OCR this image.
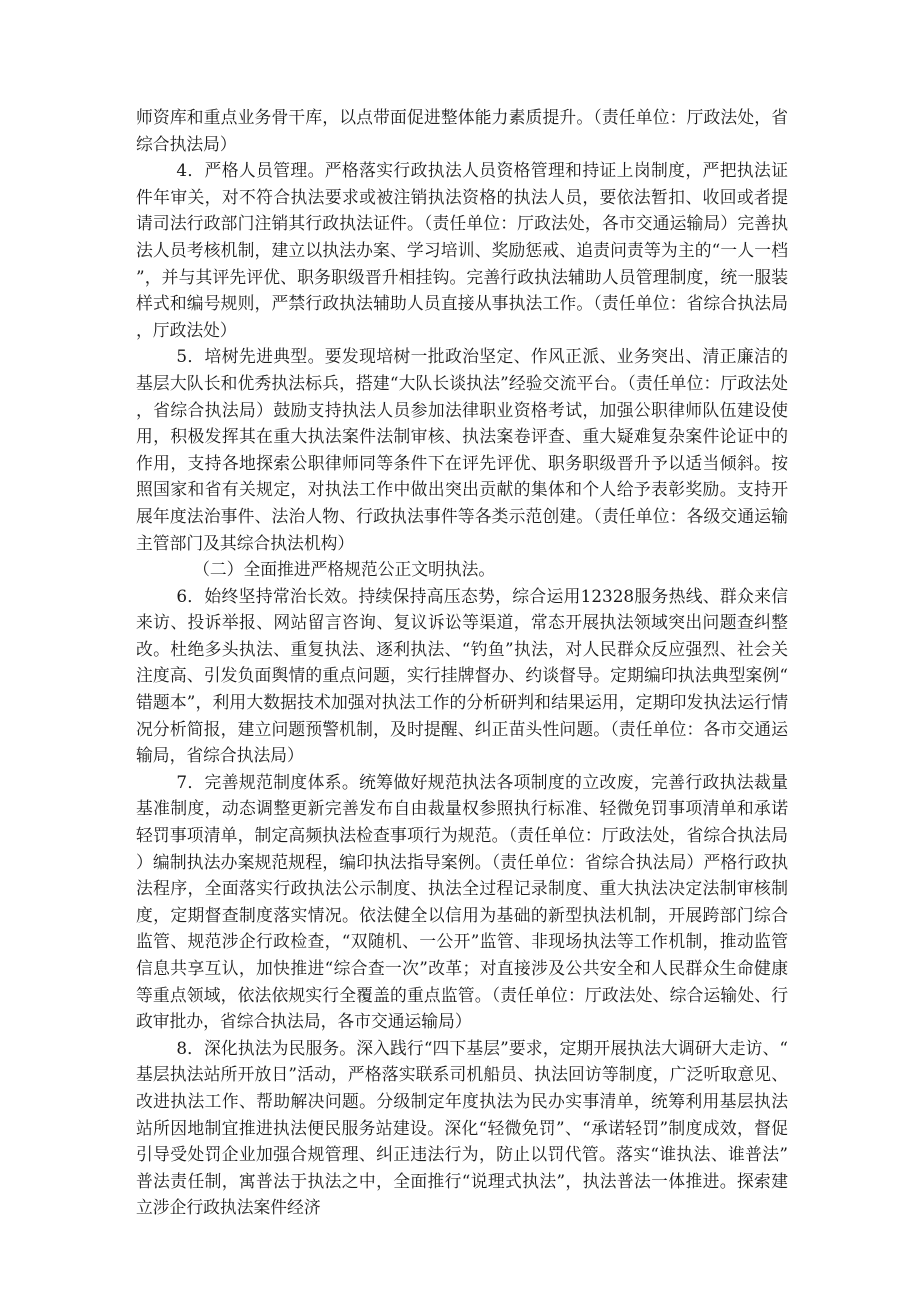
师资库和重点业务骨干库，以点带面促进整体能力素质提升。（责任单位：厅政法处，省综合执法局）

4．严格人员管理。严格落实行政执法人员资格管理和持证上岗制度，严把执法证件年审关，对不符合执法要求或被注销执法资格的执法人员，要依法暂扣、收回或者提请司法行政部门注销其行政执法证件。（责任单位：厅政法处，各市交通运输局）完善执法人员考核机制，建立以执法办案、学习培训、奖励惩戒、追责问责等为主的“一人一档”，并与其评先评优、职务职级晋升相挂钩。完善行政执法辅助人员管理制度，统一服装样式和编号规则，严禁行政执法辅助人员直接从事执法工作。（责任单位：省综合执法局，厅政法处）

5．培树先进典型。要发现培树一批政治坚定、作风正派、业务突出、清正廉洁的基层大队长和优秀执法标兵，搭建“大队长谈执法”经验交流平台。（责任单位：厅政法处，省综合执法局）鼓励支持执法人员参加法律职业资格考试，加强公职律师队伍建设使用，积极发挥其在重大执法案件法制审核、执法案卷评查、重大疑难复杂案件论证中的作用，支持各地探索公职律师同等条件下在评先评优、职务职级晋升予以适当倾斜。按照国家和省有关规定，对执法工作中做出突出贡献的集体和个人给予表彰奖励。支持开展年度法治事件、法治人物、行政执法事件等各类示范创建。（责任单位：各级交通运输主管部门及其综合执法机构）

（二）全面推进严格规范公正文明执法。

6．始终坚持常治长效。持续保持高压态势，综合运用12328服务热线、群众来信来访、投诉举报、网站留言咨询、复议诉讼等渠道，常态开展执法领域突出问题查纠整改。杜绝多头执法、重复执法、逐利执法、“钓鱼”执法，对人民群众反应强烈、社会关注度高、引发负面舆情的重点问题，实行挂牌督办、约谈督导。定期编印执法典型案例“错题本”，利用大数据技术加强对执法工作的分析研判和结果运用，定期印发执法运行情况分析简报，建立问题预警机制，及时提醒、纠正苗头性问题。（责任单位：各市交通运输局，省综合执法局）

7．完善规范制度体系。统筹做好规范执法各项制度的立改废，完善行政执法裁量基准制度，动态调整更新完善发布自由裁量权参照执行标准、轻微免罚事项清单和承诺轻罚事项清单，制定高频执法检查事项行为规范。（责任单位：厅政法处，省综合执法局）编制执法办案规范规程，编印执法指导案例。（责任单位：省综合执法局）严格行政执法程序，全面落实行政执法公示制度、执法全过程记录制度、重大执法决定法制审核制度，定期督查制度落实情况。依法健全以信用为基础的新型执法机制，开展跨部门综合监管、规范涉企行政检查，“双随机、一公开”监管、非现场执法等工作机制，推动监管信息共享互认，加快推进“综合查一次”改革；对直接涉及公共安全和人民群众生命健康等重点领域，依法依规实行全覆盖的重点监管。（责任单位：厅政法处、综合运输处、行政审批办，省综合执法局，各市交通运输局）

8．深化执法为民服务。深入践行“四下基层”要求，定期开展执法大调研大走访、“基层执法站所开放日”活动，严格落实联系司机船员、执法回访等制度，广泛听取意见、改进执法工作、帮助解决问题。分级制定年度执法为民办实事清单，统筹利用基层执法站所因地制宜推进执法便民服务站建设。深化“轻微免罚”、“承诺轻罚”制度成效，督促引导受处罚企业加强合规管理、纠正违法行为，防止以罚代管。落实“谁执法、谁普法”普法责任制，寓普法于执法之中，全面推行“说理式执法”，执法普法一体推进。探索建立涉企行政执法案件经济
